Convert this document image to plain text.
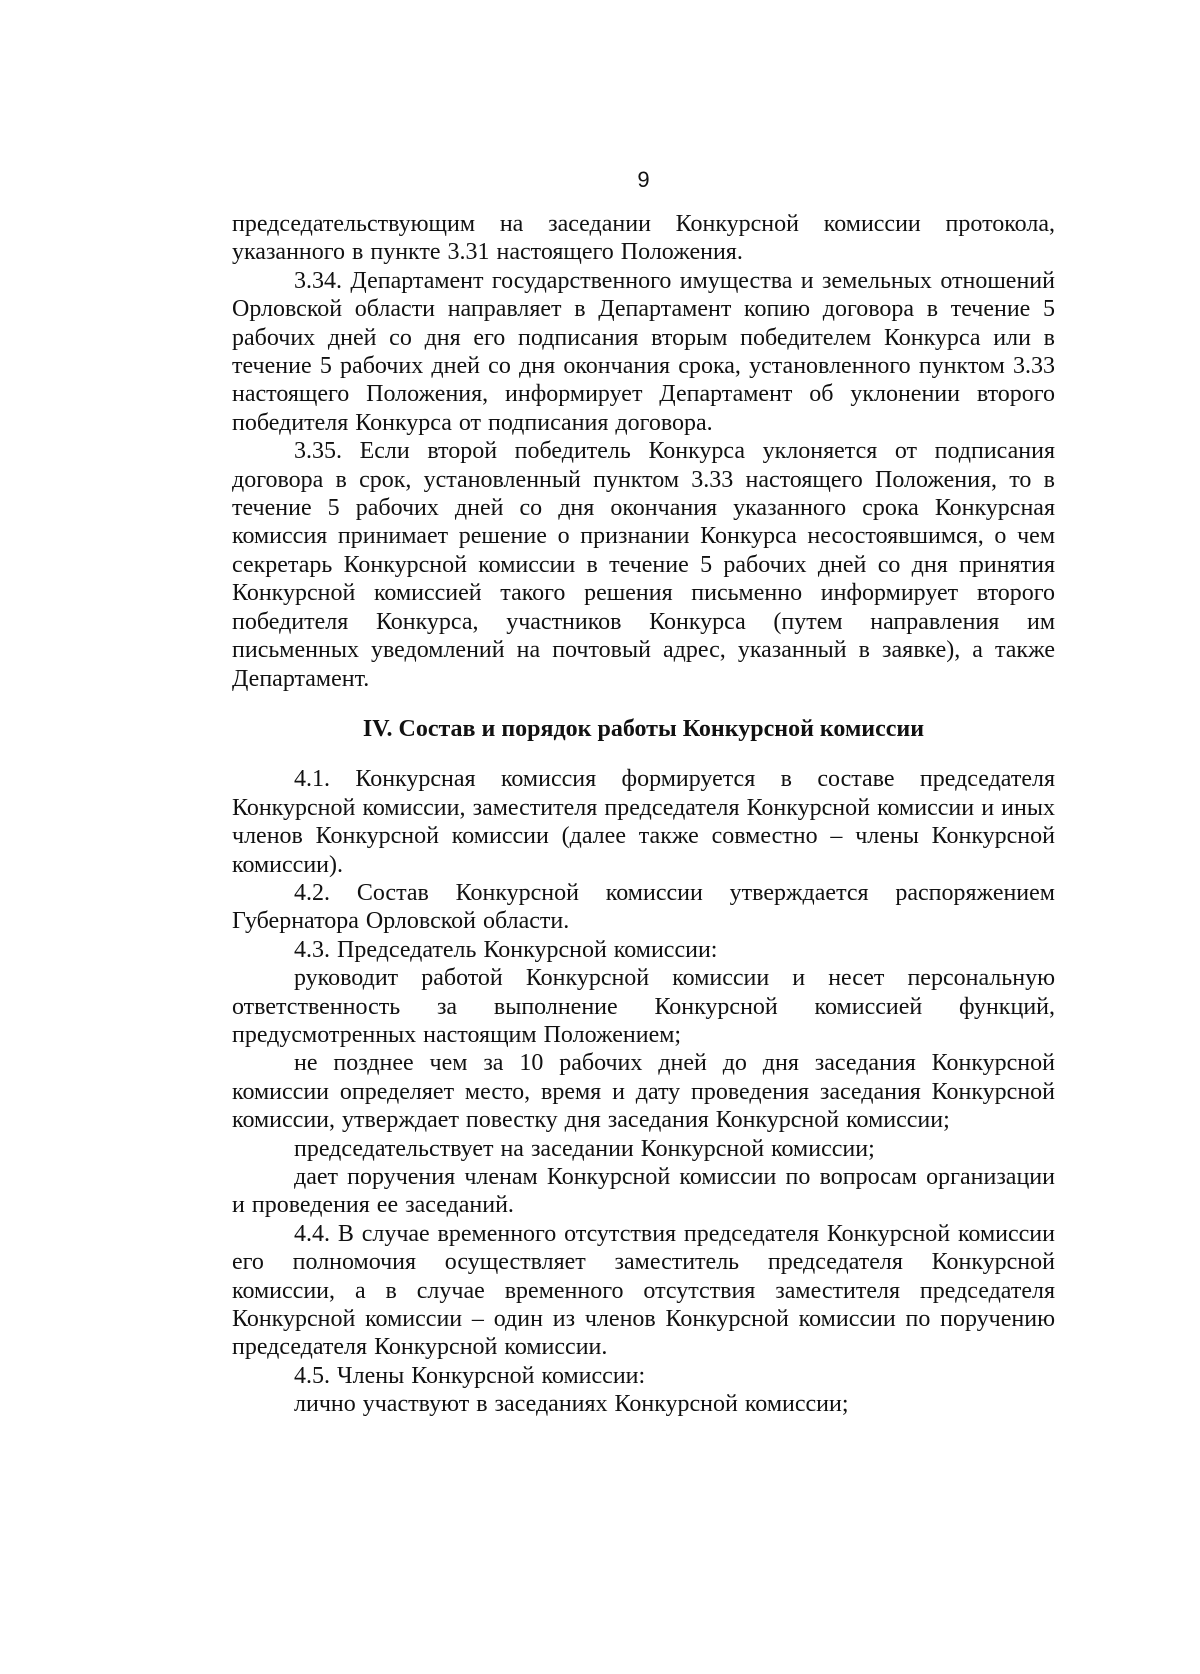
9

председательствующим на заседании Конкурсной комиссии протокола, указанного в пункте 3.31 настоящего Положения.

3.34. Департамент государственного имущества и земельных отношений Орловской области направляет в Департамент копию договора в течение 5 рабочих дней со дня его подписания вторым победителем Конкурса или в течение 5 рабочих дней со дня окончания срока, установленного пунктом 3.33 настоящего Положения, информирует Департамент об уклонении второго победителя Конкурса от подписания договора.

3.35. Если второй победитель Конкурса уклоняется от подписания договора в срок, установленный пунктом 3.33 настоящего Положения, то в течение 5 рабочих дней со дня окончания указанного срока Конкурсная комиссия принимает решение о признании Конкурса несостоявшимся, о чем секретарь Конкурсной комиссии в течение 5 рабочих дней со дня принятия Конкурсной комиссией такого решения письменно информирует второго победителя Конкурса, участников Конкурса (путем направления им письменных уведомлений на почтовый адрес, указанный в заявке), а также Департамент.

IV. Состав и порядок работы Конкурсной комиссии

4.1. Конкурсная комиссия формируется в составе председателя Конкурсной комиссии, заместителя председателя Конкурсной комиссии и иных членов Конкурсной комиссии (далее также совместно – члены Конкурсной комиссии).

4.2. Состав Конкурсной комиссии утверждается распоряжением Губернатора Орловской области.

4.3. Председатель Конкурсной комиссии:

руководит работой Конкурсной комиссии и несет персональную ответственность за выполнение Конкурсной комиссией функций, предусмотренных настоящим Положением;

не позднее чем за 10 рабочих дней до дня заседания Конкурсной комиссии определяет место, время и дату проведения заседания Конкурсной комиссии, утверждает повестку дня заседания Конкурсной комиссии;

председательствует на заседании Конкурсной комиссии;

дает поручения членам Конкурсной комиссии по вопросам организации и проведения ее заседаний.

4.4. В случае временного отсутствия председателя Конкурсной комиссии его полномочия осуществляет заместитель председателя Конкурсной комиссии, а в случае временного отсутствия заместителя председателя Конкурсной комиссии – один из членов Конкурсной комиссии по поручению председателя Конкурсной комиссии.

4.5. Члены Конкурсной комиссии:

лично участвуют в заседаниях Конкурсной комиссии;
